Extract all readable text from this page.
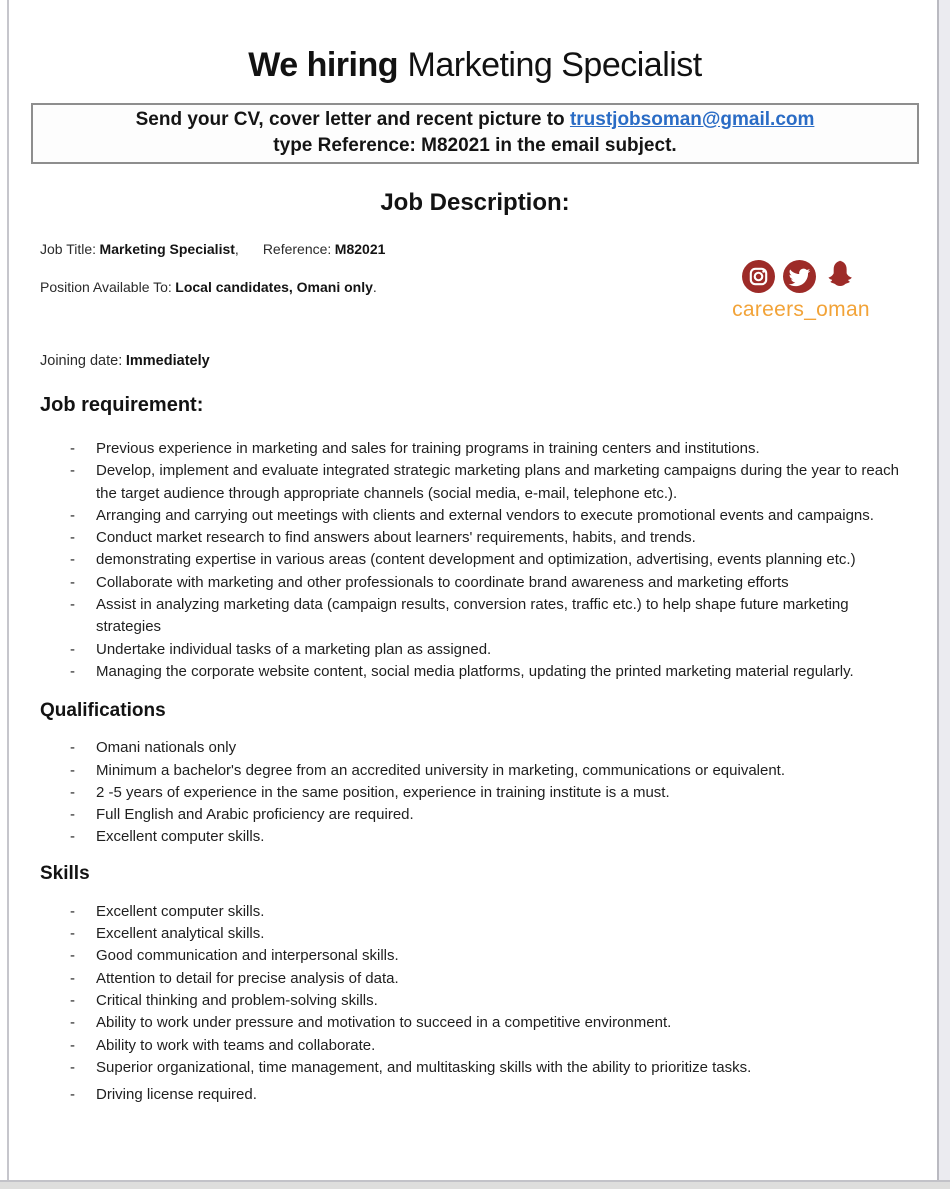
We hiring Marketing Specialist
Send your CV, cover letter and recent picture to trustjobsoman@gmail.com
type Reference: M82021 in the email subject.
Job Description:
Job Title: Marketing Specialist, Reference: M82021
Position Available To: Local candidates, Omani only.
careers_oman
Joining date: Immediately
Job requirement:
-	Previous experience in marketing and sales for training programs in training centers and institutions.
-	Develop, implement and evaluate integrated strategic marketing plans and marketing campaigns during the year to reach the target audience through appropriate channels (social media, e-mail, telephone etc.).
-	Arranging and carrying out meetings with clients and external vendors to execute promotional events and campaigns.
-	Conduct market research to find answers about learners' requirements, habits, and trends.
-	demonstrating expertise in various areas (content development and optimization, advertising, events planning etc.)
-	Collaborate with marketing and other professionals to coordinate brand awareness and marketing efforts
-	Assist in analyzing marketing data (campaign results, conversion rates, traffic etc.) to help shape future marketing strategies
-	Undertake individual tasks of a marketing plan as assigned.
-	Managing the corporate website content, social media platforms, updating the printed marketing material regularly.
Qualifications
-	Omani nationals only
-	Minimum a bachelor's degree from an accredited university in marketing, communications or equivalent.
-	2 -5 years of experience in the same position, experience in training institute is a must.
-	Full English and Arabic proficiency are required.
-	Excellent computer skills.
Skills
-	Excellent computer skills.
-	Excellent analytical skills.
-	Good communication and interpersonal skills.
-	Attention to detail for precise analysis of data.
-	Critical thinking and problem-solving skills.
-	Ability to work under pressure and motivation to succeed in a competitive environment.
-	Ability to work with teams and collaborate.
-	Superior organizational, time management, and multitasking skills with the ability to prioritize tasks.
-	Driving license required.
